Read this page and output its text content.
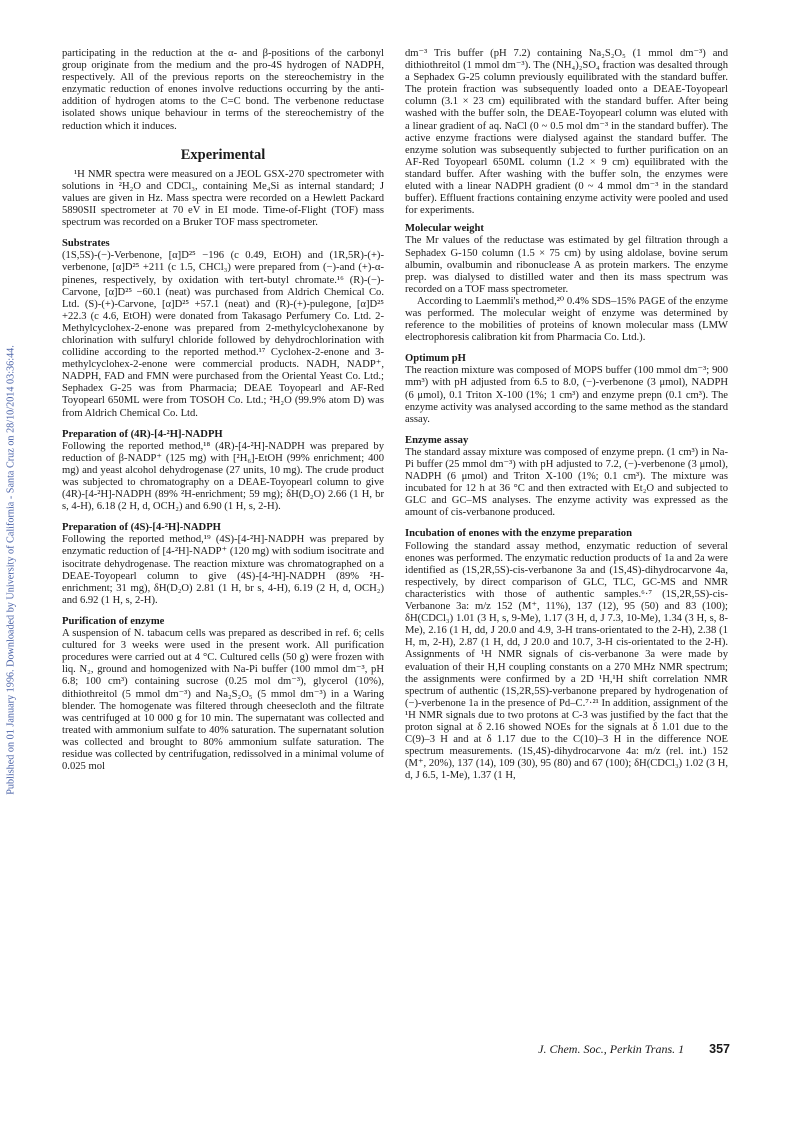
Published on 01 January 1996. Downloaded by University of California - Santa Cruz on 28/10/2014 03:36:44.

participating in the reduction at the α- and β-positions of the carbonyl group originate from the medium and the pro-4S hydrogen of NADPH, respectively. All of the previous reports on the stereochemistry in the enzymatic reduction of enones involve reductions occurring by the anti-addition of hydrogen atoms to the C=C bond. The verbenone reductase isolated shows unique behaviour in terms of the stereochemistry of the reduction which it induces.

Experimental

¹H NMR spectra were measured on a JEOL GSX-270 spectrometer with solutions in ²H₂O and CDCl₃, containing Me₄Si as internal standard; J values are given in Hz. Mass spectra were recorded on a Hewlett Packard 5890SII spectrometer at 70 eV in EI mode. Time-of-Flight (TOF) mass spectrum was recorded on a Bruker TOF mass spectrometer.

Substrates

(1S,5S)-(−)-Verbenone, [α]D²⁵ −196 (c 0.49, EtOH) and (1R,5R)-(+)-verbenone, [α]D²⁵ +211 (c 1.5, CHCl₃) were prepared from (−)-and (+)-α-pinenes, respectively, by oxidation with tert-butyl chromate.¹⁶ (R)-(−)-Carvone, [α]D²⁵ −60.1 (neat) was purchased from Aldrich Chemical Co. Ltd. (S)-(+)-Carvone, [α]D²⁵ +57.1 (neat) and (R)-(+)-pulegone, [α]D²⁵ +22.3 (c 4.6, EtOH) were donated from Takasago Perfumery Co. Ltd. 2-Methylcyclohex-2-enone was prepared from 2-methylcyclohexanone by chlorination with sulfuryl chloride followed by dehydrochlorination with collidine according to the reported method.¹⁷ Cyclohex-2-enone and 3-methylcyclohex-2-enone were commercial products. NADH, NADP⁺, NADPH, FAD and FMN were purchased from the Oriental Yeast Co. Ltd.; Sephadex G-25 was from Pharmacia; DEAE Toyopearl and AF-Red Toyopearl 650ML were from TOSOH Co. Ltd.; ²H₂O (99.9% atom D) was from Aldrich Chemical Co. Ltd.

Preparation of (4R)-[4-²H]-NADPH

Following the reported method,¹⁸ (4R)-[4-²H]-NADPH was prepared by reduction of β-NADP⁺ (125 mg) with [²H₆]-EtOH (99% enrichment; 400 mg) and yeast alcohol dehydrogenase (27 units, 10 mg). The crude product was subjected to chromatography on a DEAE-Toyopearl column to give (4R)-[4-²H]-NADPH (89% ²H-enrichment; 59 mg); δH(D₂O) 2.66 (1 H, br s, 4-H), 6.18 (2 H, d, OCH₂) and 6.90 (1 H, s, 2-H).

Preparation of (4S)-[4-²H]-NADPH

Following the reported method,¹⁹ (4S)-[4-²H]-NADPH was prepared by enzymatic reduction of [4-²H]-NADP⁺ (120 mg) with sodium isocitrate and isocitrate dehydrogenase. The reaction mixture was chromatographed on a DEAE-Toyopearl column to give (4S)-[4-²H]-NADPH (89% ²H-enrichment; 31 mg), δH(D₂O) 2.81 (1 H, br s, 4-H), 6.19 (2 H, d, OCH₂) and 6.92 (1 H, s, 2-H).

Purification of enzyme

A suspension of N. tabacum cells was prepared as described in ref. 6; cells cultured for 3 weeks were used in the present work. All purification procedures were carried out at 4 °C. Cultured cells (50 g) were frozen with liq. N₂, ground and homogenized with Na-Pi buffer (100 mmol dm⁻³, pH 6.8; 100 cm³) containing sucrose (0.25 mol dm⁻³), glycerol (10%), dithiothreitol (5 mmol dm⁻³) and Na₂S₂O₅ (5 mmol dm⁻³) in a Waring blender. The homogenate was filtered through cheesecloth and the filtrate was centrifuged at 10 000 g for 10 min. The supernatant was collected and treated with ammonium sulfate to 40% saturation. The supernatant solution was collected and brought to 80% ammonium sulfate saturation. The residue was collected by centrifugation, redissolved in a minimal volume of 0.025 mol

dm⁻³ Tris buffer (pH 7.2) containing Na₂S₂O₅ (1 mmol dm⁻³) and dithiothreitol (1 mmol dm⁻³). The (NH₄)₂SO₄ fraction was desalted through a Sephadex G-25 column previously equilibrated with the standard buffer. The protein fraction was subsequently loaded onto a DEAE-Toyopearl column (3.1 × 23 cm) equilibrated with the standard buffer. After being washed with the buffer soln, the DEAE-Toyopearl column was eluted with a linear gradient of aq. NaCl (0 ~ 0.5 mol dm⁻³ in the standard buffer). The active enzyme fractions were dialysed against the standard buffer. The enzyme solution was subsequently subjected to further purification on an AF-Red Toyopearl 650ML column (1.2 × 9 cm) equilibrated with the standard buffer. After washing with the buffer soln, the enzymes were eluted with a linear NADPH gradient (0 ~ 4 mmol dm⁻³ in the standard buffer). Effluent fractions containing enzyme activity were pooled and used for experiments.

Molecular weight

The Mr values of the reductase was estimated by gel filtration through a Sephadex G-150 column (1.5 × 75 cm) by using aldolase, bovine serum albumin, ovalbumin and ribonuclease A as protein markers. The enzyme prep. was dialysed to distilled water and then its mass spectrum was recorded on a TOF mass spectrometer.

According to Laemmli's method,²⁰ 0.4% SDS–15% PAGE of the enzyme was performed. The molecular weight of enzyme was determined by reference to the mobilities of proteins of known molecular mass (LMW electrophoresis calibration kit from Pharmacia Co. Ltd.).

Optimum pH

The reaction mixture was composed of MOPS buffer (100 mmol dm⁻³; 900 mm³) with pH adjusted from 6.5 to 8.0, (−)-verbenone (3 μmol), NADPH (6 μmol), 0.1 Triton X-100 (1%; 1 cm³) and enzyme prepn (0.1 cm³). The enzyme activity was analysed according to the same method as the standard assay.

Enzyme assay

The standard assay mixture was composed of enzyme prepn. (1 cm³) in Na-Pi buffer (25 mmol dm⁻³) with pH adjusted to 7.2, (−)-verbenone (3 μmol), NADPH (6 μmol) and Triton X-100 (1%; 0.1 cm³). The mixture was incubated for 12 h at 36 °C and then extracted with Et₂O and subjected to GLC and GC–MS analyses. The enzyme activity was expressed as the amount of cis-verbanone produced.

Incubation of enones with the enzyme preparation

Following the standard assay method, enzymatic reduction of several enones was performed. The enzymatic reduction products of 1a and 2a were identified as (1S,2R,5S)-cis-verbanone 3a and (1S,4S)-dihydrocarvone 4a, respectively, by direct comparison of GLC, TLC, GC-MS and NMR characteristics with those of authentic samples.⁶·⁷ (1S,2R,5S)-cis-Verbanone 3a: m/z 152 (M⁺, 11%), 137 (12), 95 (50) and 83 (100); δH(CDCl₃) 1.01 (3 H, s, 9-Me), 1.17 (3 H, d, J 7.3, 10-Me), 1.34 (3 H, s, 8-Me), 2.16 (1 H, dd, J 20.0 and 4.9, 3-H trans-orientated to the 2-H), 2.38 (1 H, m, 2-H), 2.87 (1 H, dd, J 20.0 and 10.7, 3-H cis-orientated to the 2-H). Assignments of ¹H NMR signals of cis-verbanone 3a were made by evaluation of their H,H coupling constants on a 270 MHz NMR spectrum; the assignments were confirmed by a 2D ¹H,¹H shift correlation NMR spectrum of authentic (1S,2R,5S)-verbanone prepared by hydrogenation of (−)-verbenone 1a in the presence of Pd–C.⁷·²¹ In addition, assignment of the ¹H NMR signals due to two protons at C-3 was justified by the fact that the proton signal at δ 2.16 showed NOEs for the signals at δ 1.01 due to the C(9)–3 H and at δ 1.17 due to the C(10)–3 H in the difference NOE spectrum measurements. (1S,4S)-dihydrocarvone 4a: m/z (rel. int.) 152 (M⁺, 20%), 137 (14), 109 (30), 95 (80) and 67 (100); δH(CDCl₃) 1.02 (3 H, d, J 6.5, 1-Me), 1.37 (1 H,

J. Chem. Soc., Perkin Trans. 1 357
